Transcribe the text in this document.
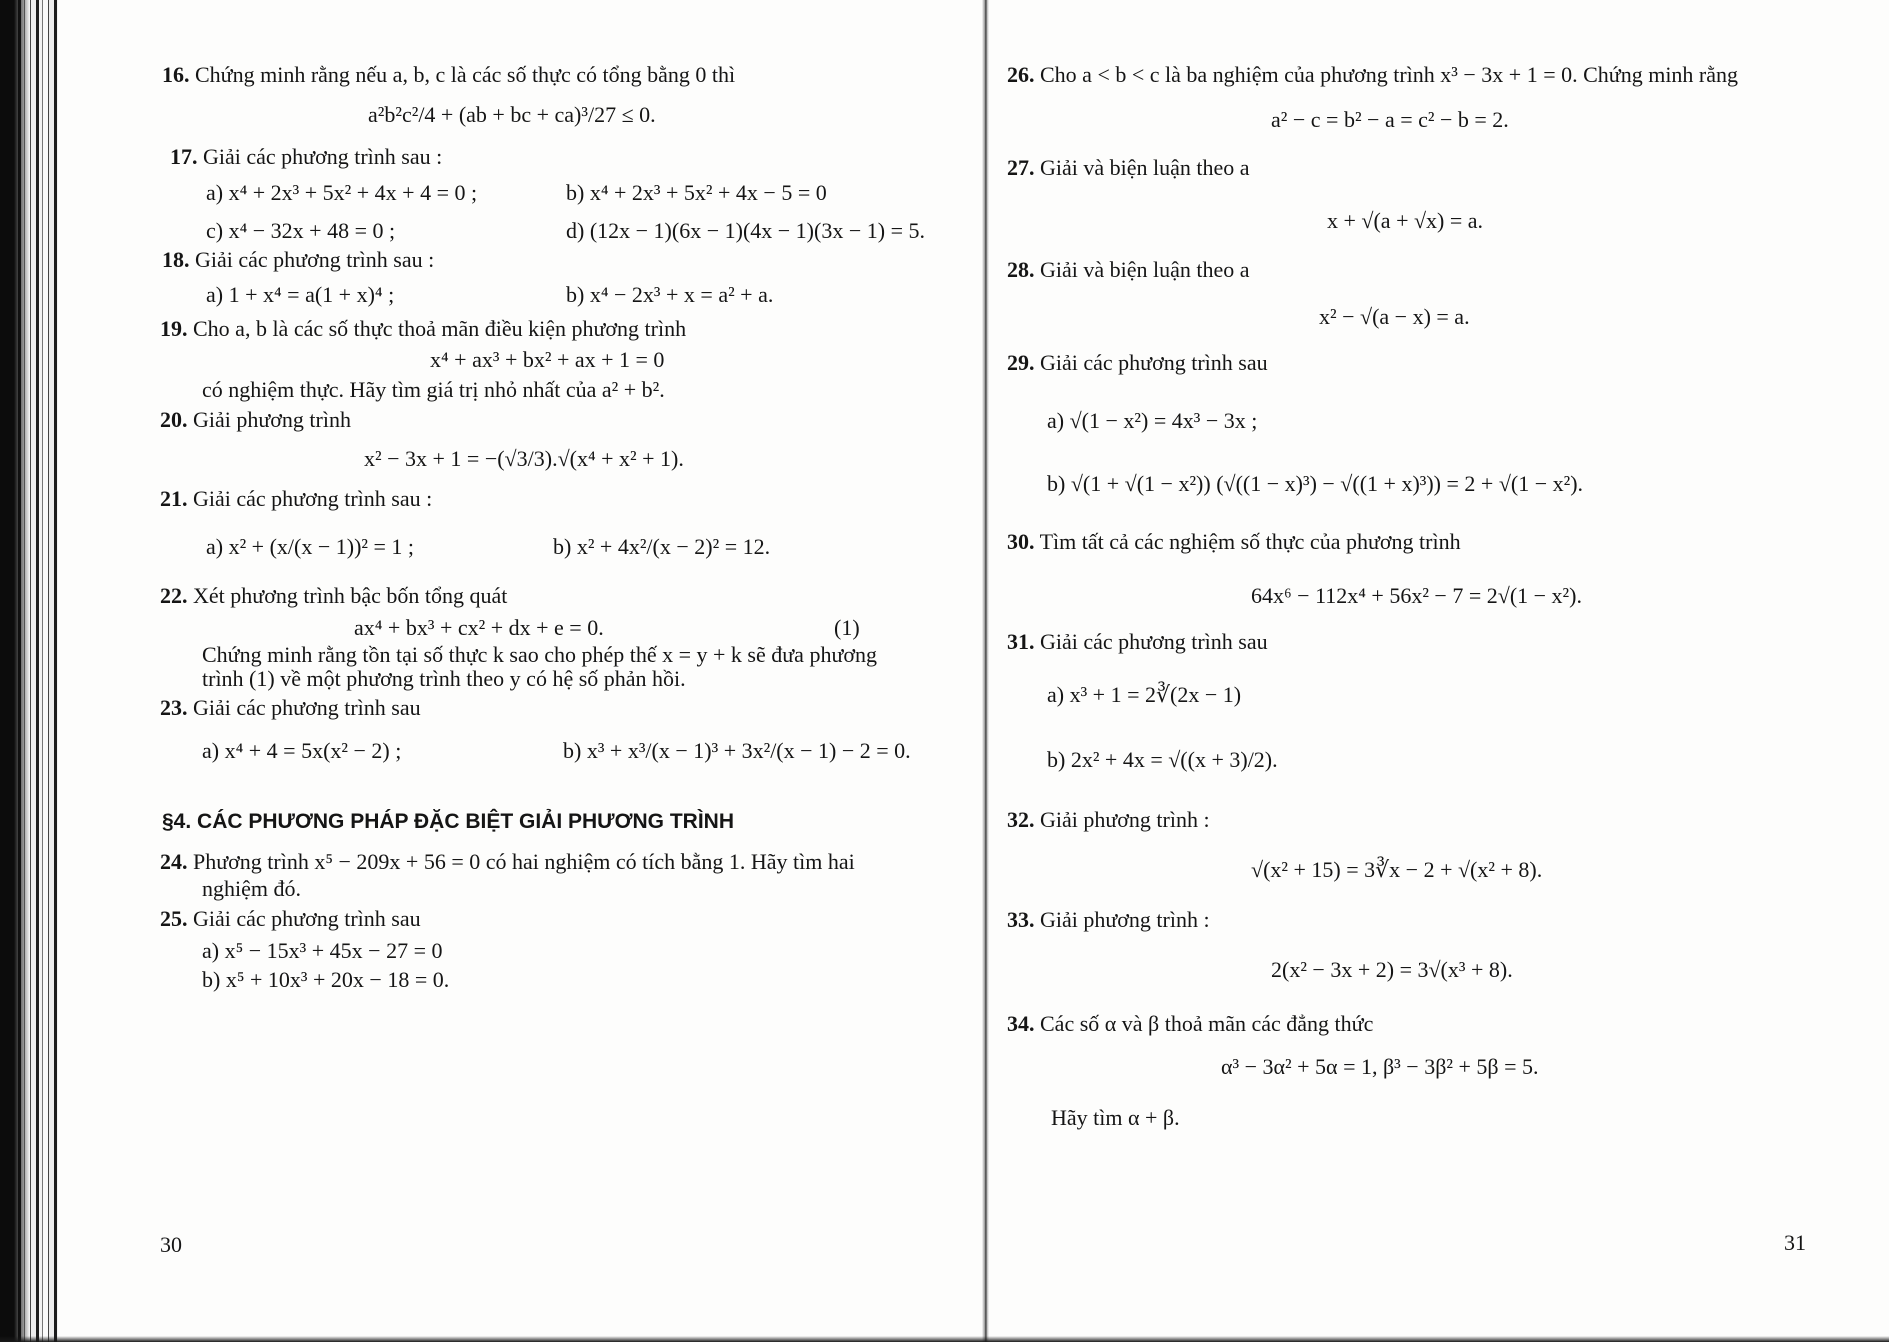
16. Chứng minh rằng nếu a, b, c là các số thực có tổng bằng 0 thì
a²b²c²/4 + (ab + bc + ca)³/27 ≤ 0.
17. Giải các phương trình sau :
a) x⁴ + 2x³ + 5x² + 4x + 4 = 0 ;	b) x⁴ + 2x³ + 5x² + 4x − 5 = 0
c) x⁴ − 32x + 48 = 0 ;	d) (12x − 1)(6x − 1)(4x − 1)(3x − 1) = 5.
18. Giải các phương trình sau :
a) 1 + x⁴ = a(1 + x)⁴ ;	b) x⁴ − 2x³ + x = a² + a.
19. Cho a, b là các số thực thoả mãn điều kiện phương trình
x⁴ + ax³ + bx² + ax + 1 = 0
có nghiệm thực. Hãy tìm giá trị nhỏ nhất của a² + b².
20. Giải phương trình
x² − 3x + 1 = −(√3/3).√(x⁴ + x² + 1).
21. Giải các phương trình sau :
a) x² + (x/(x − 1))² = 1 ;	b) x² + 4x²/(x − 2)² = 12.
22. Xét phương trình bậc bốn tổng quát
ax⁴ + bx³ + cx² + dx + e = 0.	(1)
Chứng minh rằng tồn tại số thực k sao cho phép thế x = y + k sẽ đưa phương
trình (1) về một phương trình theo y có hệ số phản hồi.
23. Giải các phương trình sau
a) x⁴ + 4 = 5x(x² − 2) ;	b) x³ + x³/(x − 1)³ + 3x²/(x − 1) − 2 = 0.
§4. CÁC PHƯƠNG PHÁP ĐẶC BIỆT GIẢI PHƯƠNG TRÌNH
24. Phương trình x⁵ − 209x + 56 = 0 có hai nghiệm có tích bằng 1. Hãy tìm hai
nghiệm đó.
25. Giải các phương trình sau
a) x⁵ − 15x³ + 45x − 27 = 0
b) x⁵ + 10x³ + 20x − 18 = 0.
30
26. Cho a < b < c là ba nghiệm của phương trình x³ − 3x + 1 = 0. Chứng minh rằng
a² − c = b² − a = c² − b = 2.
27. Giải và biện luận theo a
x + √(a + √x) = a.
28. Giải và biện luận theo a
x² − √(a − x) = a.
29. Giải các phương trình sau
a) √(1 − x²) = 4x³ − 3x ;
b) √(1 + √(1 − x²)) (√((1 − x)³) − √((1 + x)³)) = 2 + √(1 − x²).
30. Tìm tất cả các nghiệm số thực của phương trình
64x⁶ − 112x⁴ + 56x² − 7 = 2√(1 − x²).
31. Giải các phương trình sau
a) x³ + 1 = 2∛(2x − 1)
b) 2x² + 4x = √((x + 3)/2).
32. Giải phương trình :
√(x² + 15) = 3∛x − 2 + √(x² + 8).
33. Giải phương trình :
2(x² − 3x + 2) = 3√(x³ + 8).
34. Các số α và β thoả mãn các đẳng thức
α³ − 3α² + 5α = 1, β³ − 3β² + 5β = 5.
Hãy tìm α + β.
31
